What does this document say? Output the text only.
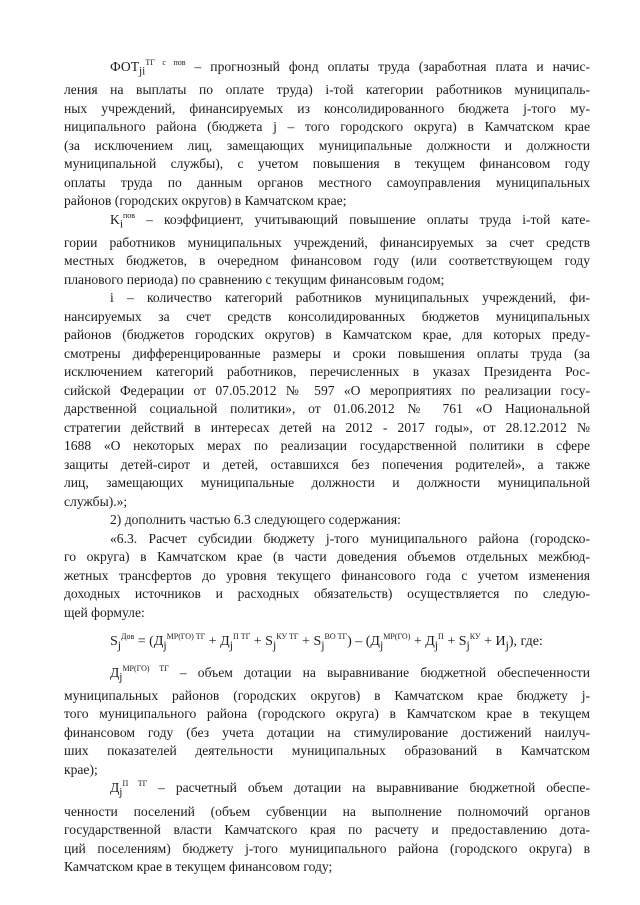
$ФОТ_{ji}^{ТГ с пов}$ – прогнозный фонд оплаты труда (заработная плата и начис-
ления на выплаты по оплате труда) i-той категории работников муниципаль-
ных учреждений, финансируемых из консолидированного бюджета j-того му-
ниципального района (бюджета j – того городского округа) в Камчатском крае
(за исключением лиц, замещающих муниципальные должности и должности
муниципальной службы), с учетом повышения в текущем финансовом году
оплаты труда по данным органов местного самоуправления муниципальных
районов (городских округов) в Камчатском крае;

$K_i^{пов}$ – коэффициент, учитывающий повышение оплаты труда i-той кате-
гории работников муниципальных учреждений, финансируемых за счет средств
местных бюджетов, в очередном финансовом году (или соответствующем году
планового периода) по сравнению с текущим финансовым годом;

i – количество категорий работников муниципальных учреждений, фи-
нансируемых за счет средств консолидированных бюджетов муниципальных
районов (бюджетов городских округов) в Камчатском крае, для которых преду-
смотрены дифференцированные размеры и сроки повышения оплаты труда (за
исключением категорий работников, перечисленных в указах Президента Рос-
сийской Федерации от 07.05.2012 № 597 «О мероприятиях по реализации госу-
дарственной социальной политики», от 01.06.2012 № 761 «О Национальной
стратегии действий в интересах детей на 2012 - 2017 годы», от 28.12.2012 №
1688 «О некоторых мерах по реализации государственной политики в сфере
защиты детей-сирот и детей, оставшихся без попечения родителей», а также
лиц, замещающих муниципальные должности и должности муниципальной
службы).»;

2) дополнить частью 6.3 следующего содержания:

«6.3. Расчет субсидии бюджету j-того муниципального района (городско-
го округа) в Камчатском крае (в части доведения объемов отдельных межбюд-
жетных трансфертов до уровня текущего финансового года с учетом изменения
доходных источников и расходных обязательств) осуществляется по следую-
щей формуле:

$S_j^{Дов} = (Д_j^{МР(ГО) ТГ} + Д_j^{П ТГ} + S_j^{КУ ТГ} + S_j^{ВО ТГ}) - (Д_j^{МР(ГО)} + Д_j^П + S_j^{КУ} + И_j)$, где:

$Д_j^{МР(ГО) ТГ}$ – объем дотации на выравнивание бюджетной обеспеченности
муниципальных районов (городских округов) в Камчатском крае бюджету j-
того муниципального района (городского округа) в Камчатском крае в текущем
финансовом году (без учета дотации на стимулирование достижений наилуч-
ших показателей деятельности муниципальных образований в Камчатском
крае);

$Д_j^{П ТГ}$ – расчетный объем дотации на выравнивание бюджетной обеспе-
ченности поселений (объем субвенции на выполнение полномочий органов
государственной власти Камчатского края по расчету и предоставлению дота-
ций поселениям) бюджету j-того муниципального района (городского округа) в
Камчатском крае в текущем финансовом году;
